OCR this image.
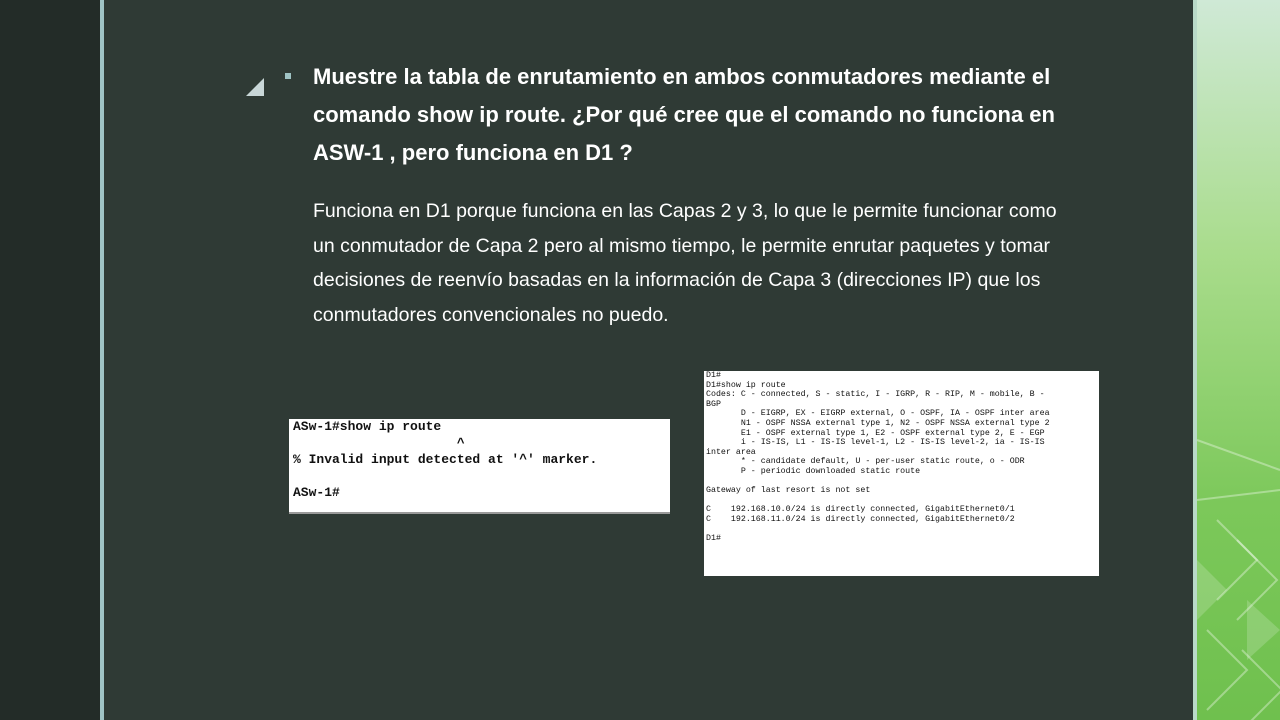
Muestre la tabla de enrutamiento en ambos conmutadores mediante el comando show ip route. ¿Por qué cree que el comando no funciona en ASW-1 , pero funciona en D1 ?

Funciona en D1 porque funciona en las Capas 2 y 3, lo que le permite funcionar como un conmutador de Capa 2 pero al mismo tiempo, le permite enrutar paquetes y tomar decisiones de reenvío basadas en la información de Capa 3 (direcciones IP) que los conmutadores convencionales no puedo.

ASw-1#show ip route
^
% Invalid input detected at '^' marker.

ASw-1#
D1#
D1#show ip route
Codes: C - connected, S - static, I - IGRP, R - RIP, M - mobile, B -
BGP
D - EIGRP, EX - EIGRP external, O - OSPF, IA - OSPF inter area
N1 - OSPF NSSA external type 1, N2 - OSPF NSSA external type 2
E1 - OSPF external type 1, E2 - OSPF external type 2, E - EGP
i - IS-IS, L1 - IS-IS level-1, L2 - IS-IS level-2, ia - IS-IS
inter area
* - candidate default, U - per-user static route, o - ODR
P - periodic downloaded static route

Gateway of last resort is not set

C    192.168.10.0/24 is directly connected, GigabitEthernet0/1
C    192.168.11.0/24 is directly connected, GigabitEthernet0/2

D1#
